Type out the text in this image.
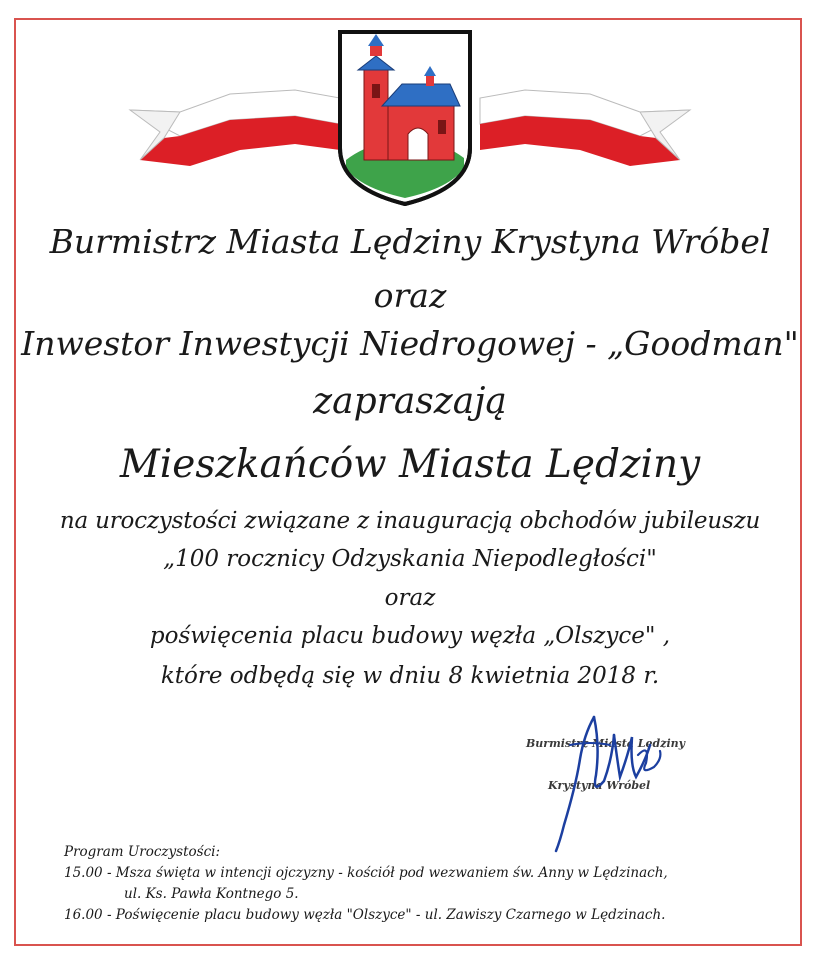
Burmistrz Miasta Lędziny Krystyna Wróbel
oraz
Inwestor Inwestycji Niedrogowej - „Goodman"
zapraszają
Mieszkańców Miasta Lędziny
na uroczystości związane z inauguracją obchodów jubileuszu
„100 rocznicy Odzyskania Niepodległości"
oraz
poświęcenia placu budowy węzła „Olszyce" ,
które odbędą się w dniu 8 kwietnia 2018 r.
Burmistrz Miasta Lędziny
Krystyna Wróbel
Program Uroczystości:
15.00 - Msza święta w intencji ojczyzny - kościół pod wezwaniem św. Anny w Lędzinach,
ul. Ks. Pawła Kontnego 5.
16.00 - Poświęcenie placu budowy węzła "Olszyce" - ul. Zawiszy Czarnego w Lędzinach.
